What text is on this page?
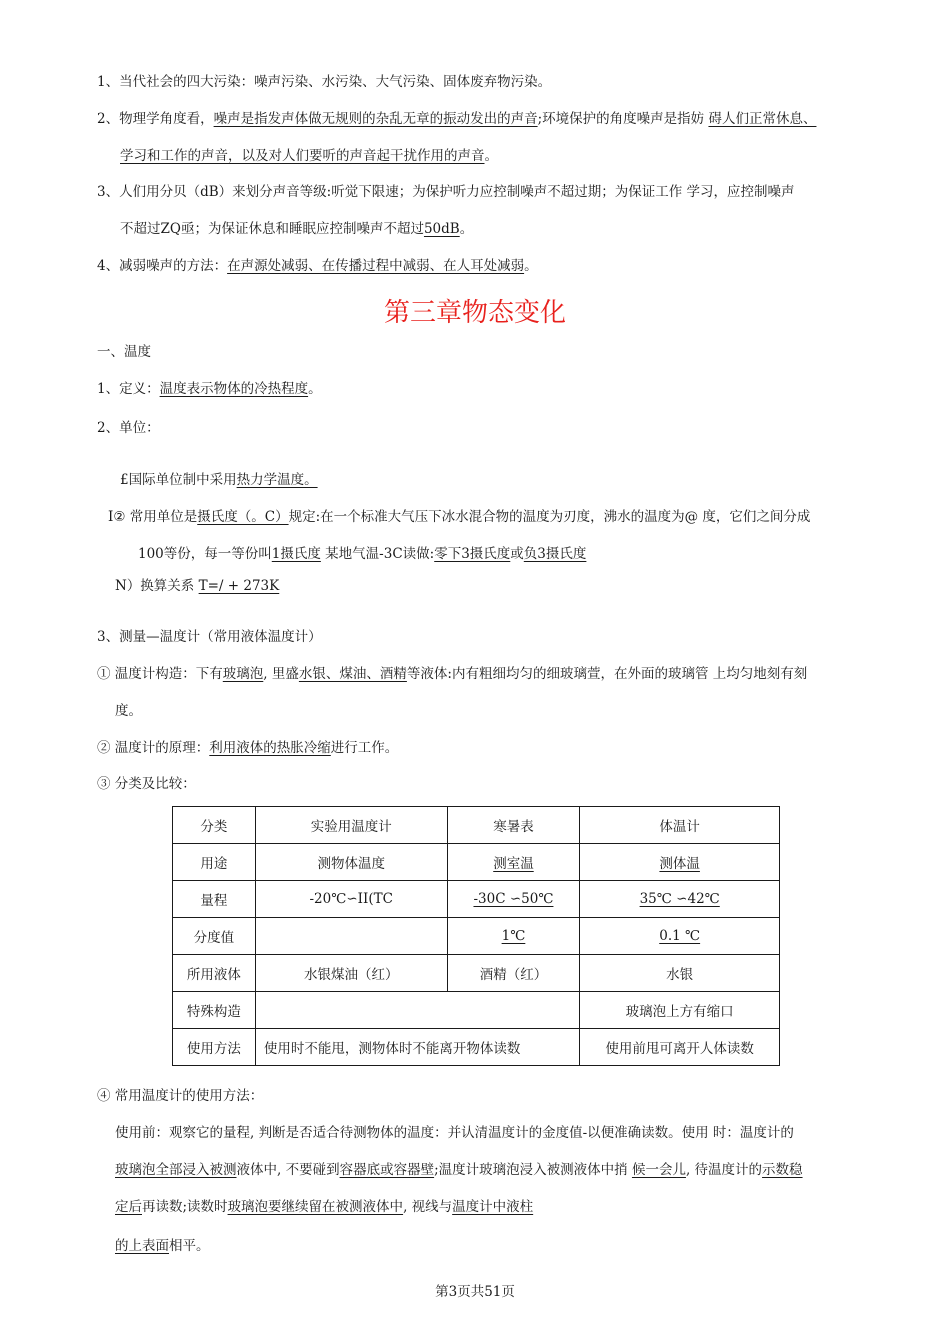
1、当代社会的四大污染：噪声污染、水污染、大气污染、固体废弃物污染。
2、物理学角度看，噪声是指发声体做无规则的杂乱无章的振动发出的声音;环境保护的角度噪声是指妨 碍人们正常休息、
学习和工作的声音，以及对人们要听的声音起干扰作用的声音。
3、人们用分贝（dB）来划分声音等级:听觉下限速；为保护听力应控制噪声不超过期；为保证工作 学习，应控制噪声
不超过ZQ亟；为保证休息和睡眠应控制噪声不超过50dB。
4、减弱噪声的方法：在声源处减弱、在传播过程中减弱、在人耳处减弱。
第三章物态变化
一、温度
1、定义：温度表示物体的冷热程度。
2、单位：
£国际单位制中采用热力学温度。
I② 常用单位是摄氏度（。C）规定:在一个标准大气压下冰水混合物的温度为刃度，沸水的温度为@ 度，它们之间分成
100等份，每一等份叫1摄氏度 某地气温-3C读做:零下3摄氏度或负3摄氏度
N）换算关系 T=/ + 273K
3、测量—温度计（常用液体温度计）
① 温度计构造：下有玻璃泡, 里盛水银、煤油、酒精等液体:内有粗细均匀的细玻璃萱，在外面的玻璃管 上均匀地刻有刻
度。
② 温度计的原理：利用液体的热胀冷缩进行工作。
③ 分类及比较：
分类	实验用温度计	寒暑表	体温计
用途	测物体温度	测室温	测体温
量程	-20℃∽II(TC	-30C ∽50℃	35℃ ∽42℃
分度值		1℃	0.1 ℃
所用液体	水银煤油（红）	酒精（红）	水银
特殊构造			玻璃泡上方有缩口
使用方法	使用时不能甩，测物体时不能离开物体读数		使用前甩可离开人体读数
④ 常用温度计的使用方法：
使用前：观察它的量程, 判断是否适合待测物体的温度：并认清温度计的金度值-以便准确读数。使用 时：温度计的
玻璃泡全部浸入被测液体中, 不要碰到容器底或容器壁;温度计玻璃泡浸入被测液体中捎 候一会儿, 待温度计的示数稳
定后再读数;读数时玻璃泡要继续留在被测液体中, 视线与温度计中液柱
的上表面相平。
第3页共51页
